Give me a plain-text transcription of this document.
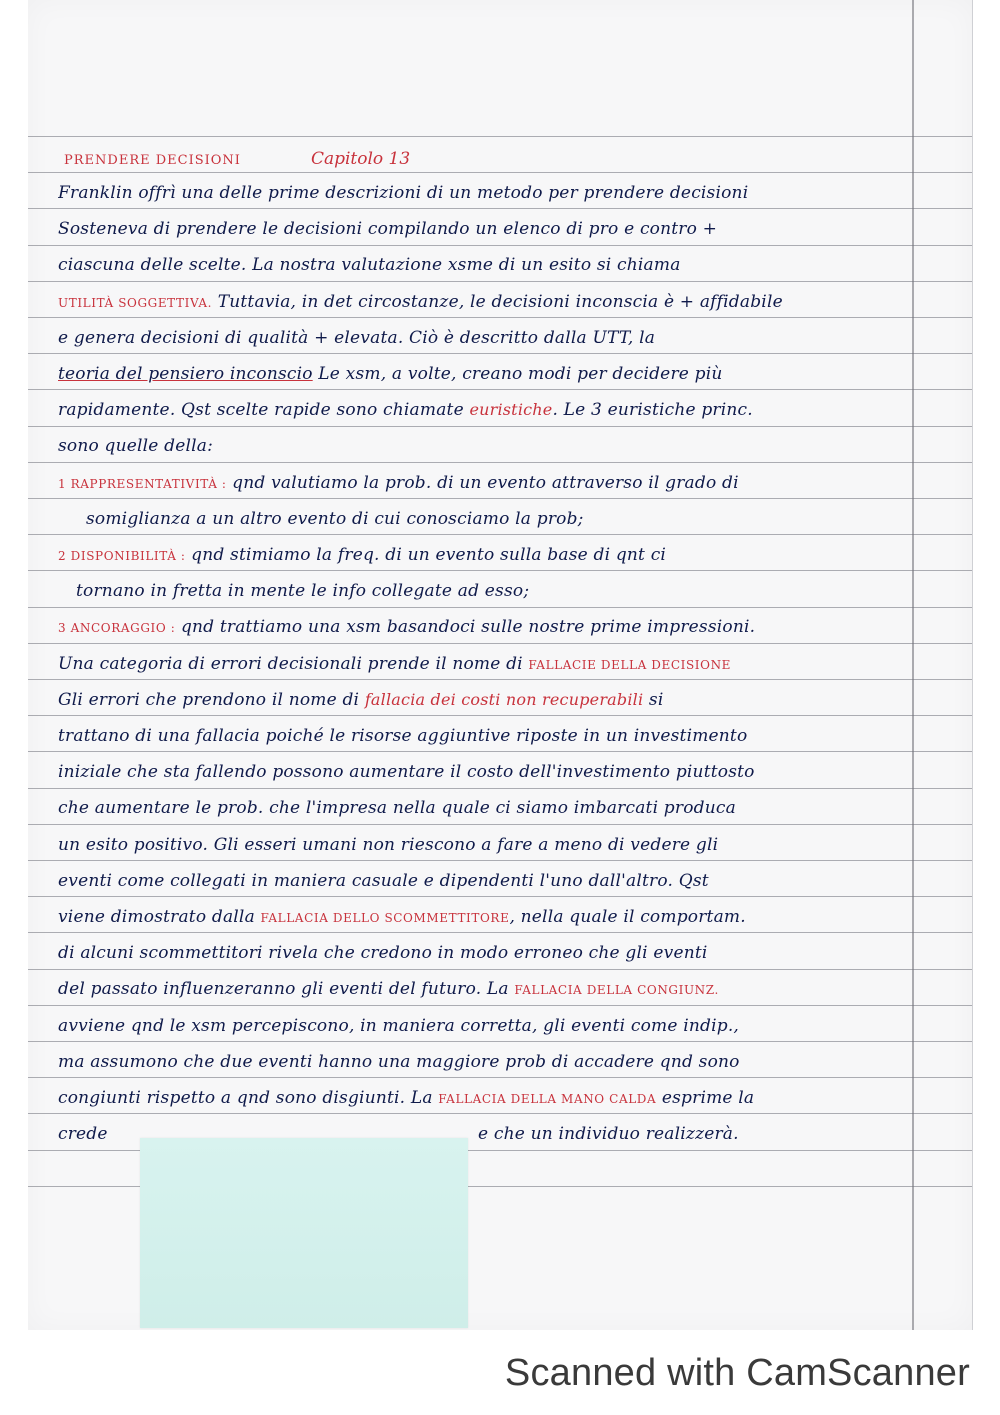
PRENDERE DECISIONI	Capitolo 13
Franklin offrì una delle prime descrizioni di un metodo per prendere decisioni
Sosteneva di prendere le decisioni compilando un elenco di pro e contro +
ciascuna delle scelte. La nostra valutazione xsme di un esito si chiama
UTILITÀ SOGGETTIVA. Tuttavia, in det circostanze, le decisioni inconscia è + affidabile
e genera decisioni di qualità + elevata. Ciò è descritto dalla UTT, la
teoria del pensiero inconscio Le xsm, a volte, creano modi per decidere più
rapidamente. Qst scelte rapide sono chiamate euristiche. Le 3 euristiche princ.
sono quelle della:
1 RAPPRESENTATIVITÀ : qnd valutiamo la prob. di un evento attraverso il grado di
somiglianza a un altro evento di cui conosciamo la prob;
2 DISPONIBILITÀ : qnd stimiamo la freq. di un evento sulla base di qnt ci
tornano in fretta in mente le info collegate ad esso;
3 ANCORAGGIO : qnd trattiamo una xsm basandoci sulle nostre prime impressioni.
Una categoria di errori decisionali prende il nome di FALLACIE DELLA DECISIONE
Gli errori che prendono il nome di fallacia dei costi non recuperabili si
trattano di una fallacia poiché le risorse aggiuntive riposte in un investimento
iniziale che sta fallendo possono aumentare il costo dell'investimento piuttosto
che aumentare le prob. che l'impresa nella quale ci siamo imbarcati produca
un esito positivo. Gli esseri umani non riescono a fare a meno di vedere gli
eventi come collegati in maniera casuale e dipendenti l'uno dall'altro. Qst
viene dimostrato dalla FALLACIA DELLO SCOMMETTITORE, nella quale il comportam.
di alcuni scommettitori rivela che credono in modo erroneo che gli eventi
del passato influenzeranno gli eventi del futuro. La FALLACIA DELLA CONGIUNZ.
avviene qnd le xsm percepiscono, in maniera corretta, gli eventi come indip.,
ma assumono che due eventi hanno una maggiore prob di accadere qnd sono
congiunti rispetto a qnd sono disgiunti. La FALLACIA DELLA MANO CALDA esprime la
crede	e che un individuo realizzerà.
Scanned with CamScanner
